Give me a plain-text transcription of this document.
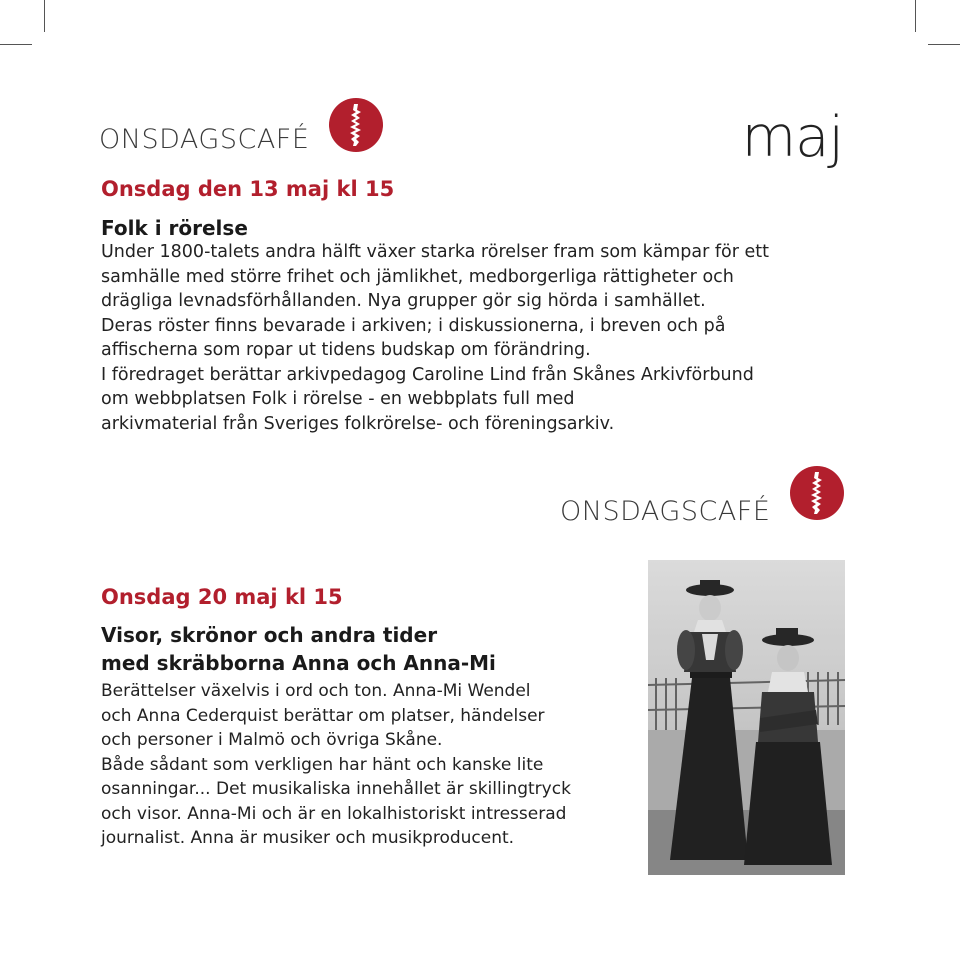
ONSDAGSCAFÉ	maj
Onsdag den 13 maj kl 15
Folk i rörelse
Under 1800-talets andra hälft växer starka rörelser fram som kämpar för ett
samhälle med större frihet och jämlikhet, medborgerliga rättigheter och
drägliga levnadsförhållanden. Nya grupper gör sig hörda i samhället.
Deras röster finns bevarade i arkiven; i diskussionerna, i breven och på
affischerna som ropar ut tidens budskap om förändring.
I föredraget berättar arkivpedagog Caroline Lind från Skånes Arkivförbund
om webbplatsen Folk i rörelse - en webbplats full med
arkivmaterial från Sveriges folkrörelse- och föreningsarkiv.
ONSDAGSCAFÉ
Onsdag 20 maj kl 15
Visor, skrönor och andra tider
med skräbborna Anna och Anna-Mi
Berättelser växelvis i ord och ton. Anna-Mi Wendel
och Anna Cederquist berättar om platser, händelser
och personer i Malmö och övriga Skåne.
Både sådant som verkligen har hänt och kanske lite
osanningar... Det musikaliska innehållet är skillingtryck
och visor. Anna-Mi och är en lokalhistoriskt intresserad
journalist. Anna är musiker och musikproducent.
